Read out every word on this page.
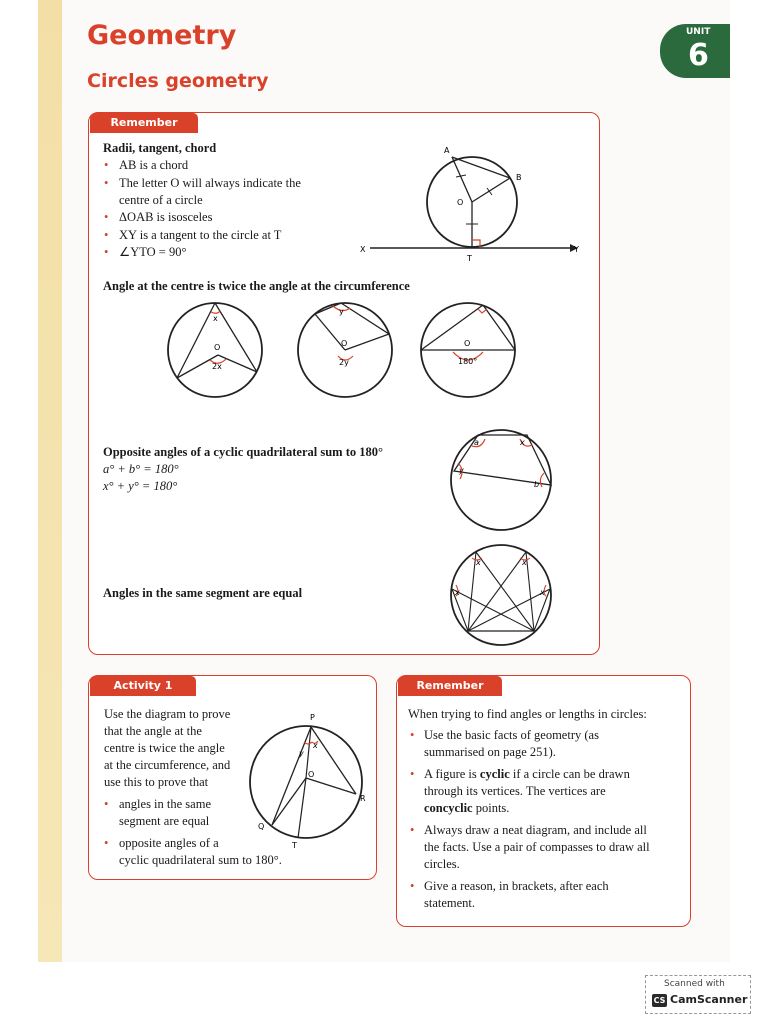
Geometry
Circles geometry
UNIT
6
Remember
Radii, tangent, chord
• AB is a chord
• The letter O will always indicate the
centre of a circle
• ΔOAB is isosceles
• XY is a tangent to the circle at T
• ∠YTO = 90°
A
B
O
T
X	Y
Angle at the centre is twice the angle at the circumference
x
O
2x
y
O
2y
O
180°
Opposite angles of a cyclic quadrilateral sum to 180°
a° + b° = 180°
x° + y° = 180°
a	x
y
b
Angles in the same segment are equal	x
x	x
x
Activity 1
Use the diagram to prove
that the angle at the
centre is twice the angle
at the circumference, and
use this to prove that
• angles in the same
segment are equal
• opposite angles of a
cyclic quadrilateral sum to 180°.
P
y
x
O
R
Q
T
Remember
When trying to find angles or lengths in circles:
• Use the basic facts of geometry (as
summarised on page 251).
• A figure is cyclic if a circle can be drawn
through its vertices. The vertices are
concyclic points.
• Always draw a neat diagram, and include all
the facts. Use a pair of compasses to draw all
circles.
• Give a reason, in brackets, after each
statement.
Scanned with
CS CamScanner
